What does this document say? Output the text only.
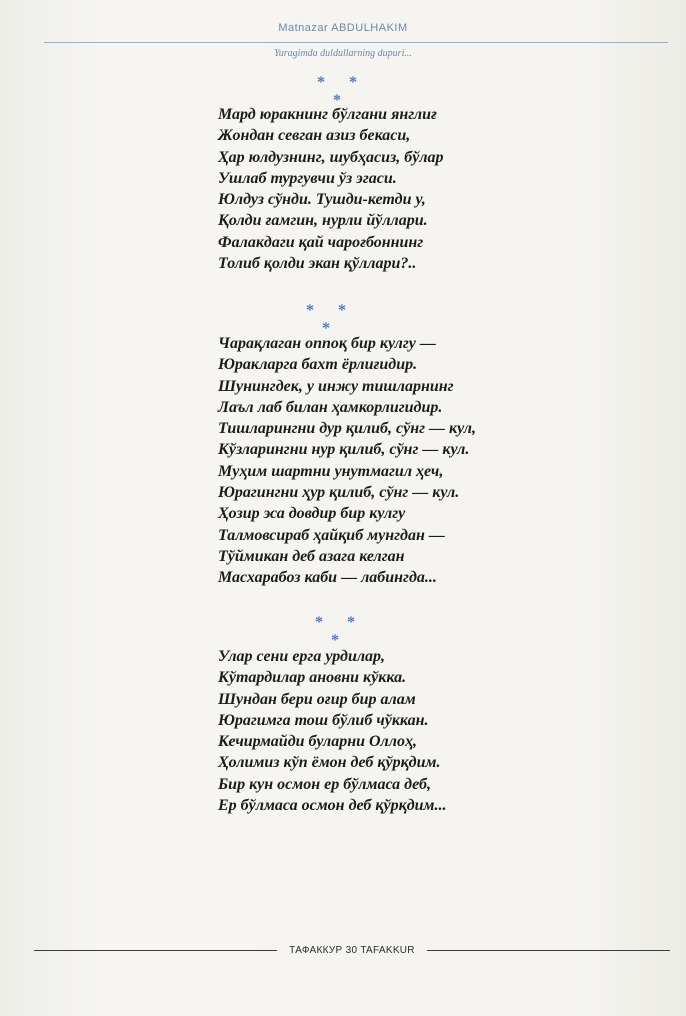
Matnazar ABDULHAKIM
Yuragimda duldullarning dupuri...
* * *
Мард юракнинг бўлгани янглиғ
Жондан севган азиз бекаси,
Ҳар юлдузнинг, шубҳасиз, бўлар
Ушлаб тургувчи ўз эгаси.
Юлдуз сўнди. Тушди-кетди у,
Қолди ғамгин, нурли йўллари.
Фалакдаги қай чароғбоннинг
Толиб қолди экан қўллари?..
* * *
Чарақлаган оппоқ бир кулгу —
Юракларга бахт ёрлиғидир.
Шунингдек, у инжу тишларнинг
Лаъл лаб билан ҳамкорлигидир.
Тишларингни дур қилиб, сўнг — кул,
Кўзларингни нур қилиб, сўнг — кул.
Муҳим шартни унутмагил ҳеч,
Юрагингни ҳур қилиб, сўнг — кул.
Ҳозир эса довдир бир кулгу
Талмовсираб ҳайқиб мунгдан —
Тўймикан деб азага келган
Масхарабоз каби — лабингда...
* * *
Улар сени ерга урдилар,
Кўтардилар ановни кўкка.
Шундан бери оғир бир алам
Юрагимга тош бўлиб чўккан.
Кечирмайди буларни Оллоҳ,
Ҳолимиз кўп ёмон деб қўрқдим.
Бир кун осмон ер бўлмаса деб,
Ер бўлмаса осмон деб қўрқдим...
ТАФАККУР 30 TAFAKKUR
